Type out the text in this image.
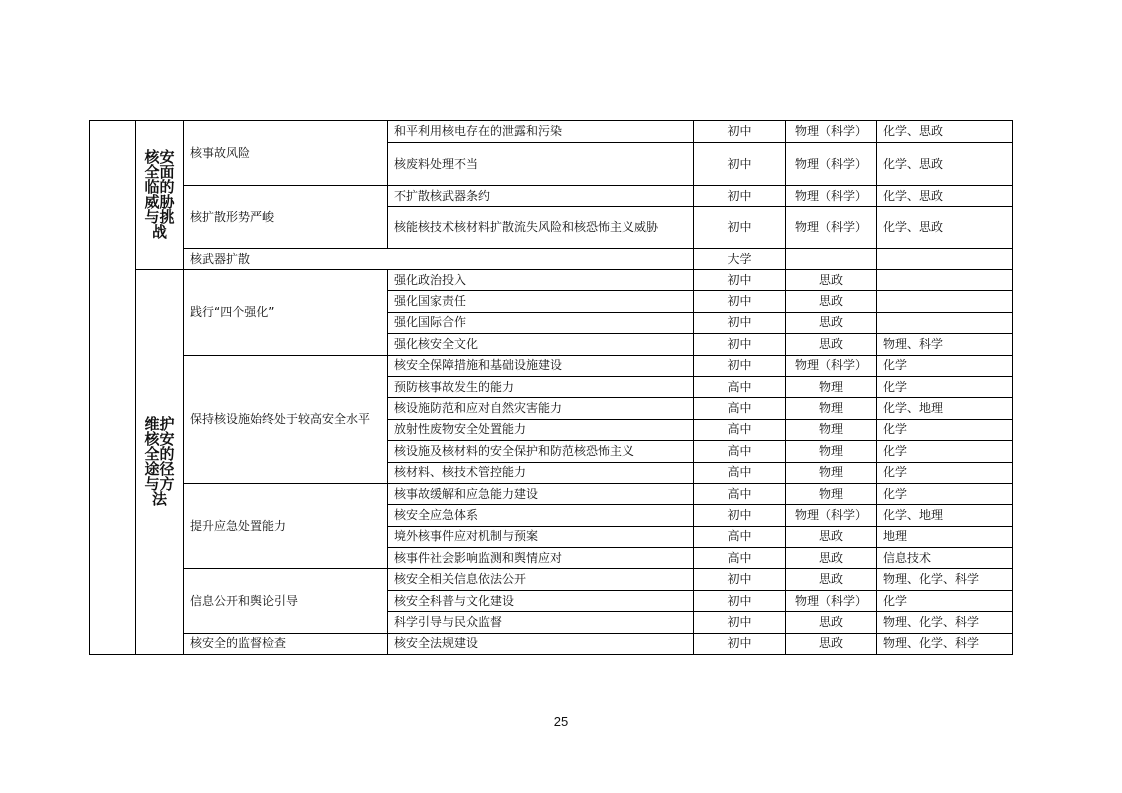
	核安全面临的威胁与挑战	核事故风险	和平利用核电存在的泄露和污染	初中	物理（科学）	化学、思政
			核废料处理不当	初中	物理（科学）	化学、思政
		核扩散形势严峻	不扩散核武器条约	初中	物理（科学）	化学、思政
			核能核技术核材料扩散流失风险和核恐怖主义威胁	初中	物理（科学）	化学、思政
		核武器扩散		大学		
	维护核安全的途径与方法	践行“四个强化”	强化政治投入	初中	思政	
			强化国家责任	初中	思政	
			强化国际合作	初中	思政	
			强化核安全文化	初中	思政	物理、科学
		保持核设施始终处于较高安全水平	核安全保障措施和基础设施建设	初中	物理（科学）	化学
			预防核事故发生的能力	高中	物理	化学
			核设施防范和应对自然灾害能力	高中	物理	化学、地理
			放射性废物安全处置能力	高中	物理	化学
			核设施及核材料的安全保护和防范核恐怖主义	高中	物理	化学
			核材料、核技术管控能力	高中	物理	化学
		提升应急处置能力	核事故缓解和应急能力建设	高中	物理	化学
			核安全应急体系	初中	物理（科学）	化学、地理
			境外核事件应对机制与预案	高中	思政	地理
			核事件社会影响监测和舆情应对	高中	思政	信息技术
		信息公开和舆论引导	核安全相关信息依法公开	初中	思政	物理、化学、科学
			核安全科普与文化建设	初中	物理（科学）	化学
			科学引导与民众监督	初中	思政	物理、化学、科学
		核安全的监督检查	核安全法规建设	初中	思政	物理、化学、科学
25
